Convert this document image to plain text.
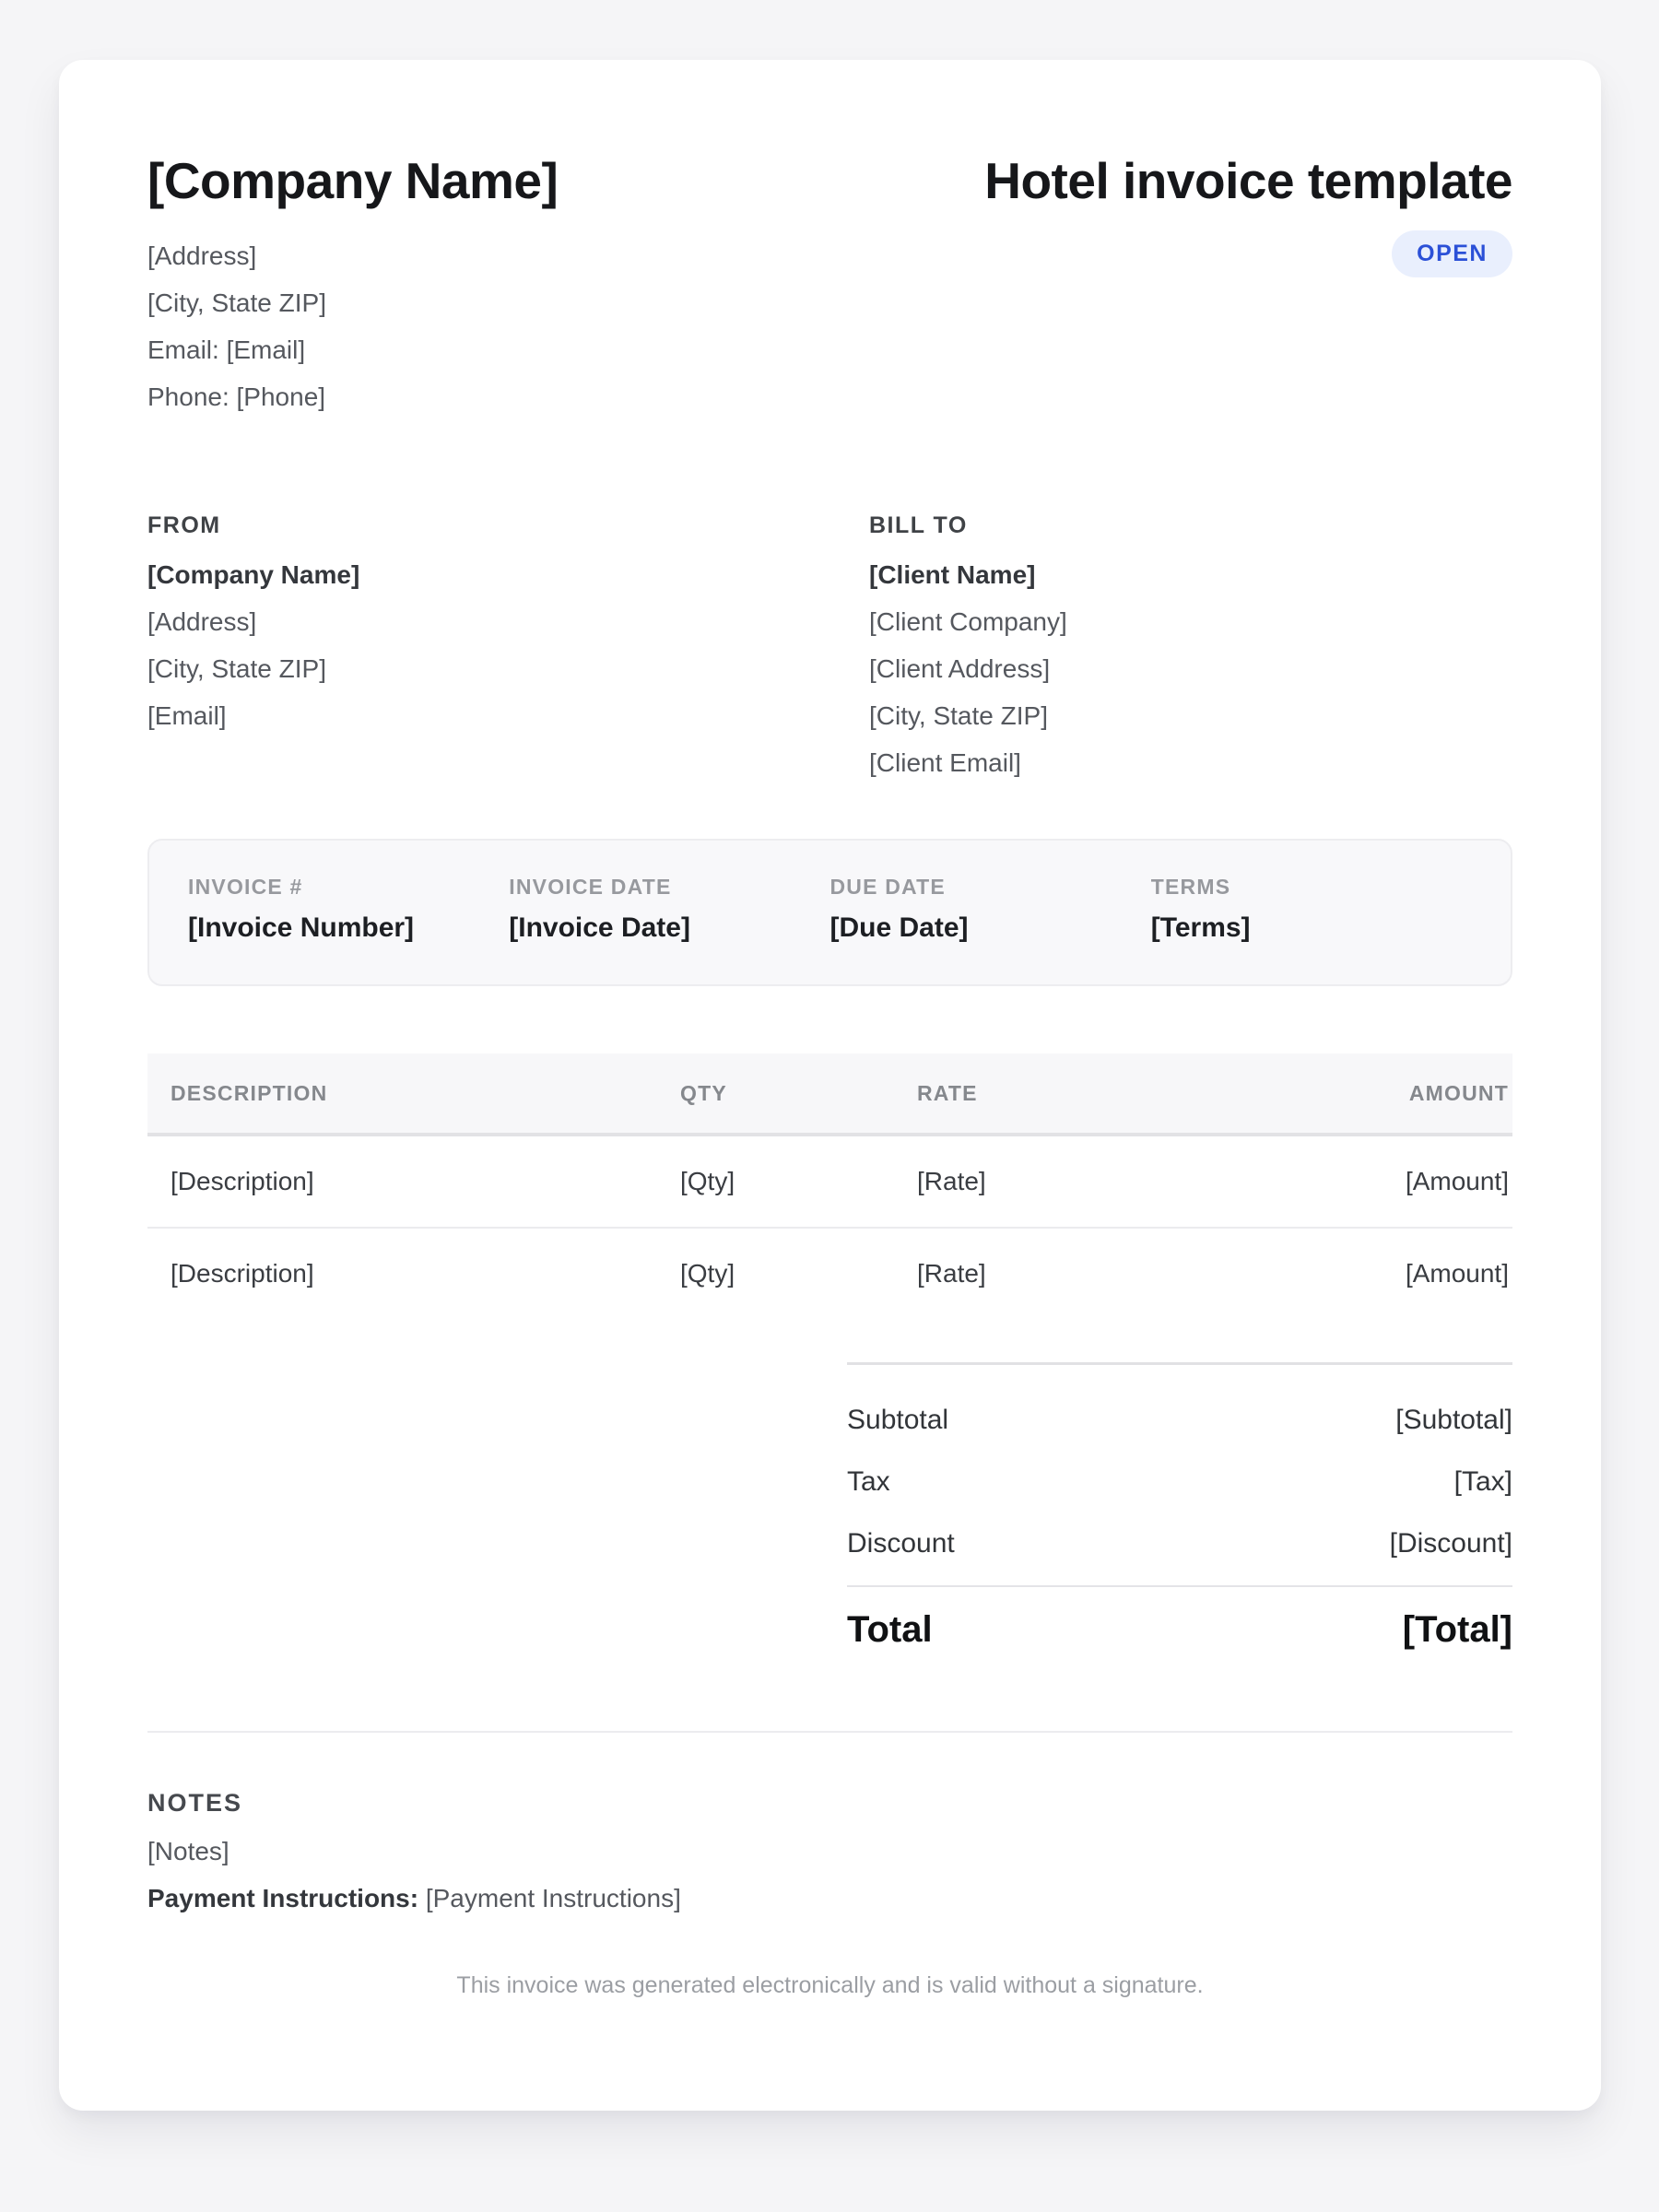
[Company Name]
[Address]
[City, State ZIP]
Email: [Email]
Phone: [Phone]
Hotel invoice template
OPEN
FROM
[Company Name]
[Address]
[City, State ZIP]
[Email]
BILL TO
[Client Name]
[Client Company]
[Client Address]
[City, State ZIP]
[Client Email]
INVOICE #
[Invoice Number]
INVOICE DATE
[Invoice Date]
DUE DATE
[Due Date]
TERMS
[Terms]
DESCRIPTION	QTY	RATE	AMOUNT
[Description]	[Qty]	[Rate]	[Amount]
[Description]	[Qty]	[Rate]	[Amount]
Subtotal	[Subtotal]
Tax	[Tax]
Discount	[Discount]
Total	[Total]
NOTES
[Notes]
Payment Instructions: [Payment Instructions]
This invoice was generated electronically and is valid without a signature.
